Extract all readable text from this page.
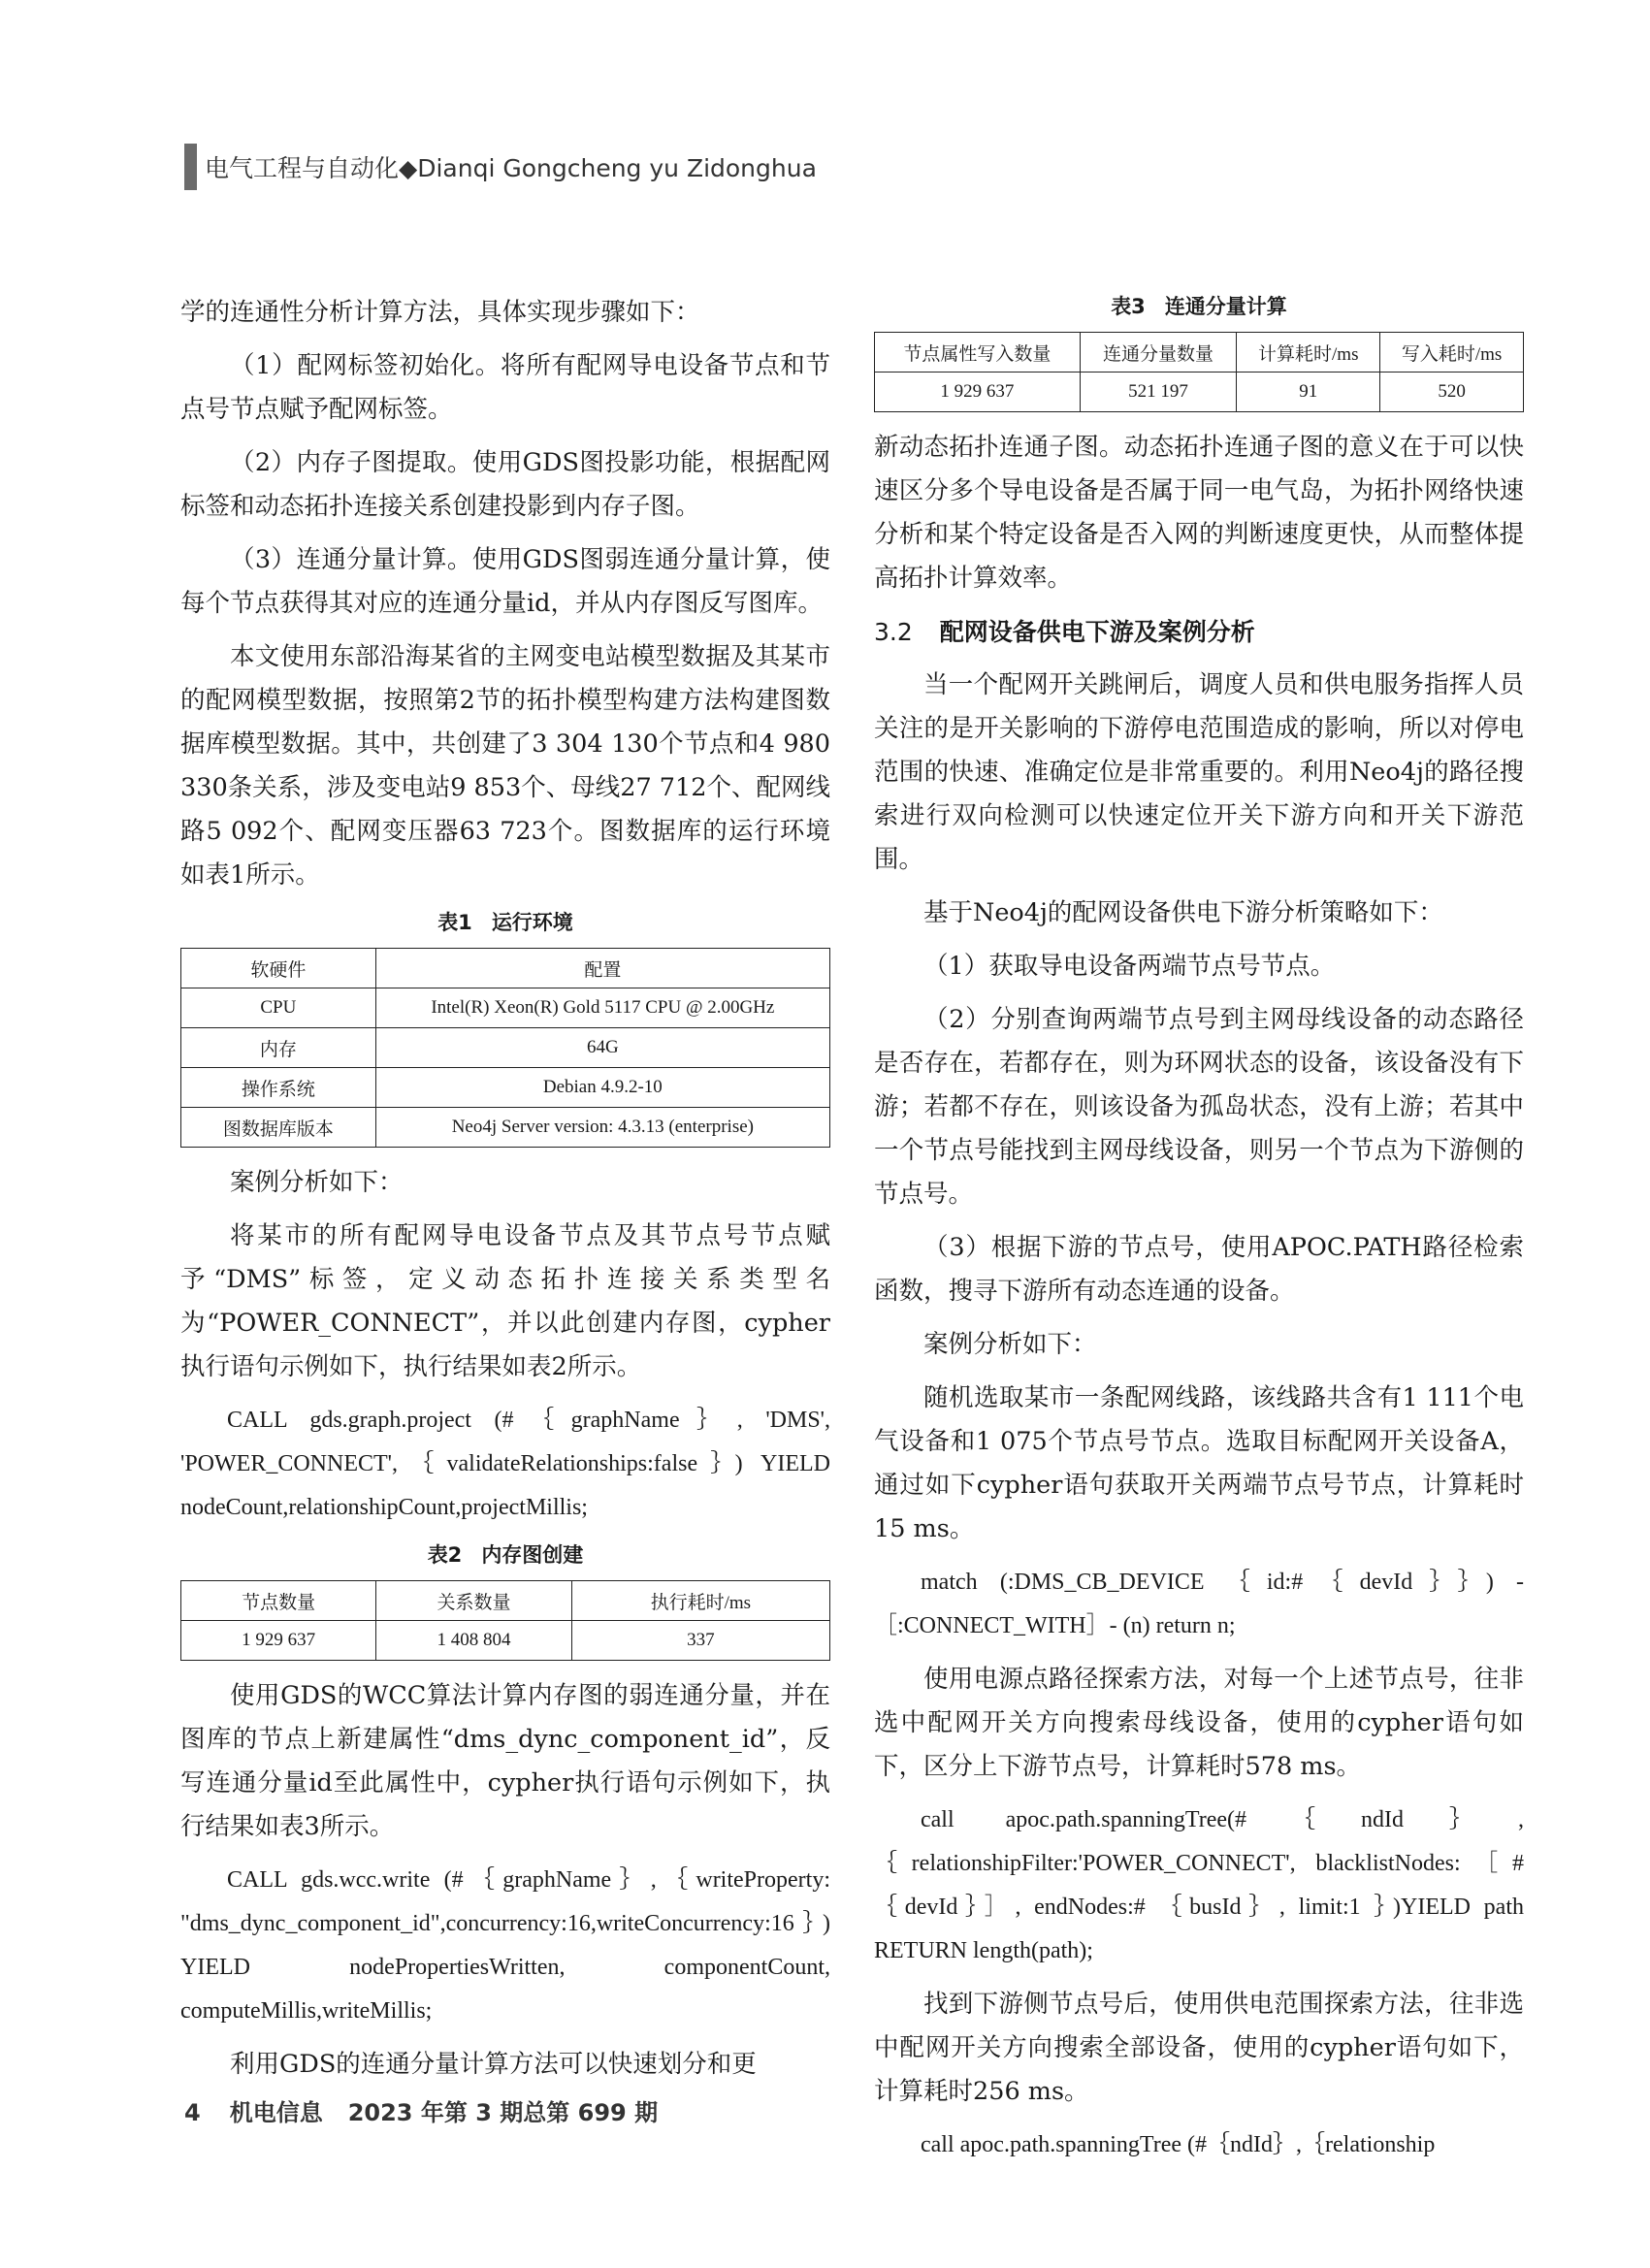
电气工程与自动化◆Dianqi Gongcheng yu Zidonghua

学的连通性分析计算方法，具体实现步骤如下：

（1）配网标签初始化。将所有配网导电设备节点和节点号节点赋予配网标签。

（2）内存子图提取。使用GDS图投影功能，根据配网标签和动态拓扑连接关系创建投影到内存子图。

（3）连通分量计算。使用GDS图弱连通分量计算，使每个节点获得其对应的连通分量id，并从内存图反写图库。

本文使用东部沿海某省的主网变电站模型数据及其某市的配网模型数据，按照第2节的拓扑模型构建方法构建图数据库模型数据。其中，共创建了3 304 130个节点和4 980 330条关系，涉及变电站9 853个、母线27 712个、配网线路5 092个、配网变压器63 723个。图数据库的运行环境如表1所示。

表1 运行环境
软硬件	配置
CPU	Intel(R) Xeon(R) Gold 5117 CPU @ 2.00GHz
内存	64G
操作系统	Debian 4.9.2-10
图数据库版本	Neo4j Server version: 4.3.13 (enterprise)

案例分析如下：

将某市的所有配网导电设备节点及其节点号节点赋予“DMS”标签，定义动态拓扑连接关系类型名为“POWER_CONNECT”，并以此创建内存图，cypher执行语句示例如下，执行结果如表2所示。

CALL gds.graph.project (#｛graphName｝, 'DMS', 'POWER_CONNECT',｛validateRelationships:false｝) YIELD nodeCount,relationshipCount,projectMillis;

表2 内存图创建
节点数量	关系数量	执行耗时/ms
1 929 637	1 408 804	337

使用GDS的WCC算法计算内存图的弱连通分量，并在图库的节点上新建属性“dms_dync_component_id”，反写连通分量id至此属性中，cypher执行语句示例如下，执行结果如表3所示。

CALL gds.wcc.write (#｛graphName｝,｛writeProperty: "dms_dync_component_id",concurrency:16,writeConcurrency:16｝) YIELD nodePropertiesWritten, componentCount, computeMillis,writeMillis;

利用GDS的连通分量计算方法可以快速划分和更

表3 连通分量计算
节点属性写入数量	连通分量数量	计算耗时/ms	写入耗时/ms
1 929 637	521 197	91	520

新动态拓扑连通子图。动态拓扑连通子图的意义在于可以快速区分多个导电设备是否属于同一电气岛，为拓扑网络快速分析和某个特定设备是否入网的判断速度更快，从而整体提高拓扑计算效率。

3.2 配网设备供电下游及案例分析

当一个配网开关跳闸后，调度人员和供电服务指挥人员关注的是开关影响的下游停电范围造成的影响，所以对停电范围的快速、准确定位是非常重要的。利用Neo4j的路径搜索进行双向检测可以快速定位开关下游方向和开关下游范围。

基于Neo4j的配网设备供电下游分析策略如下：

（1）获取导电设备两端节点号节点。

（2）分别查询两端节点号到主网母线设备的动态路径是否存在，若都存在，则为环网状态的设备，该设备没有下游；若都不存在，则该设备为孤岛状态，没有上游；若其中一个节点号能找到主网母线设备，则另一个节点为下游侧的节点号。

（3）根据下游的节点号，使用APOC.PATH路径检索函数，搜寻下游所有动态连通的设备。

案例分析如下：

随机选取某市一条配网线路，该线路共含有1 111个电气设备和1 075个节点号节点。选取目标配网开关设备A，通过如下cypher语句获取开关两端节点号节点，计算耗时15 ms。

match (:DMS_CB_DEVICE ｛id:#｛devId｝｝) -［:CONNECT_WITH］- (n) return n;

使用电源点路径探索方法，对每一个上述节点号，往非选中配网开关方向搜索母线设备，使用的cypher语句如下，区分上下游节点号，计算耗时578 ms。

call apoc.path.spanningTree(#｛ndId｝,｛relationshipFilter:'POWER_CONNECT', blacklistNodes:［#｛devId｝］, endNodes:# ｛busId｝, limit:1 ｝)YIELD path RETURN length(path);

找到下游侧节点号后，使用供电范围探索方法，往非选中配网开关方向搜索全部设备，使用的cypher语句如下，计算耗时256 ms。

call apoc.path.spanningTree (#｛ndId｝,｛relationship

4 机电信息 2023 年第 3 期总第 699 期
